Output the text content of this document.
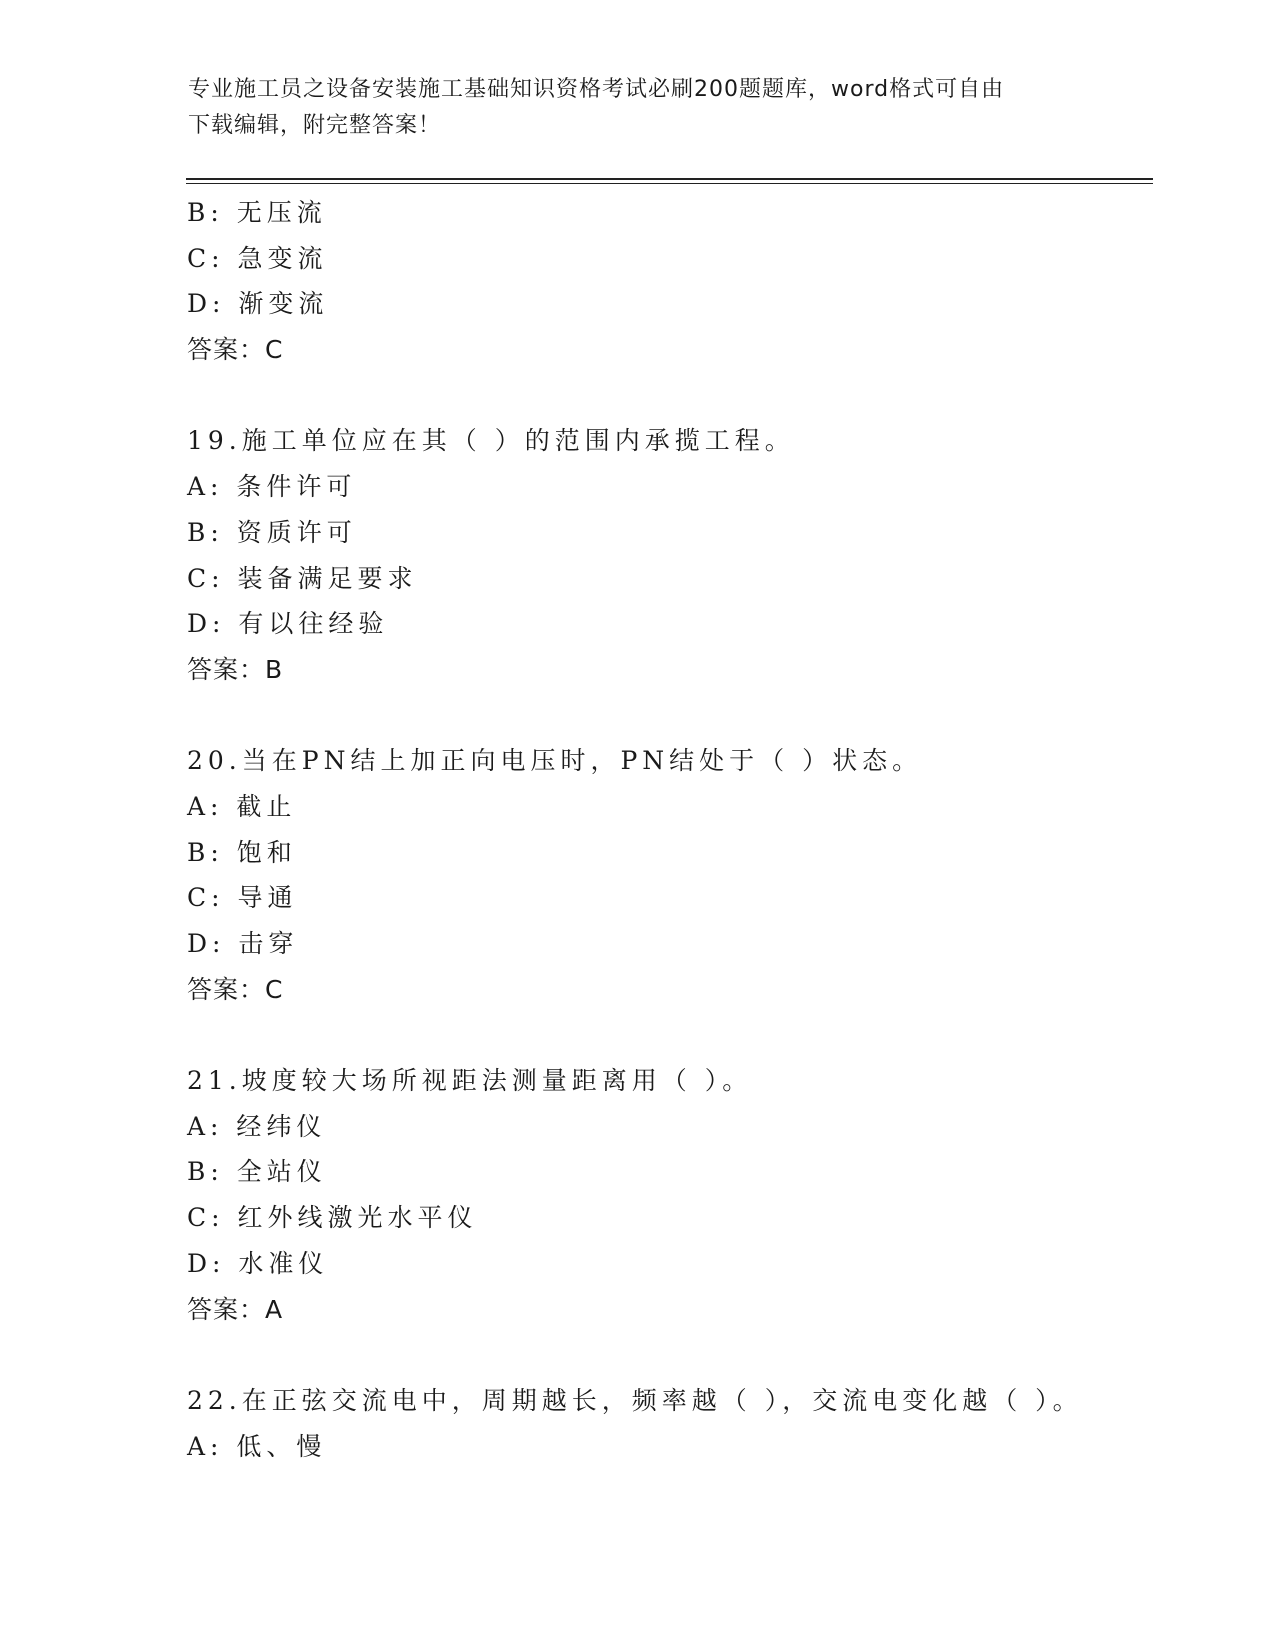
专业施工员之设备安装施工基础知识资格考试必刷200题题库，word格式可自由
下载编辑，附完整答案！
B: 无压流
C: 急变流
D: 渐变流
答案：C
19.施工单位应在其（ ）的范围内承揽工程。
A: 条件许可
B: 资质许可
C: 装备满足要求
D: 有以往经验
答案：B
20.当在PN结上加正向电压时，PN结处于（ ）状态。
A: 截止
B: 饱和
C: 导通
D: 击穿
答案：C
21.坡度较大场所视距法测量距离用（ ）。
A: 经纬仪
B: 全站仪
C: 红外线激光水平仪
D: 水准仪
答案：A
22.在正弦交流电中，周期越长，频率越（ ），交流电变化越（ ）。
A: 低、慢
